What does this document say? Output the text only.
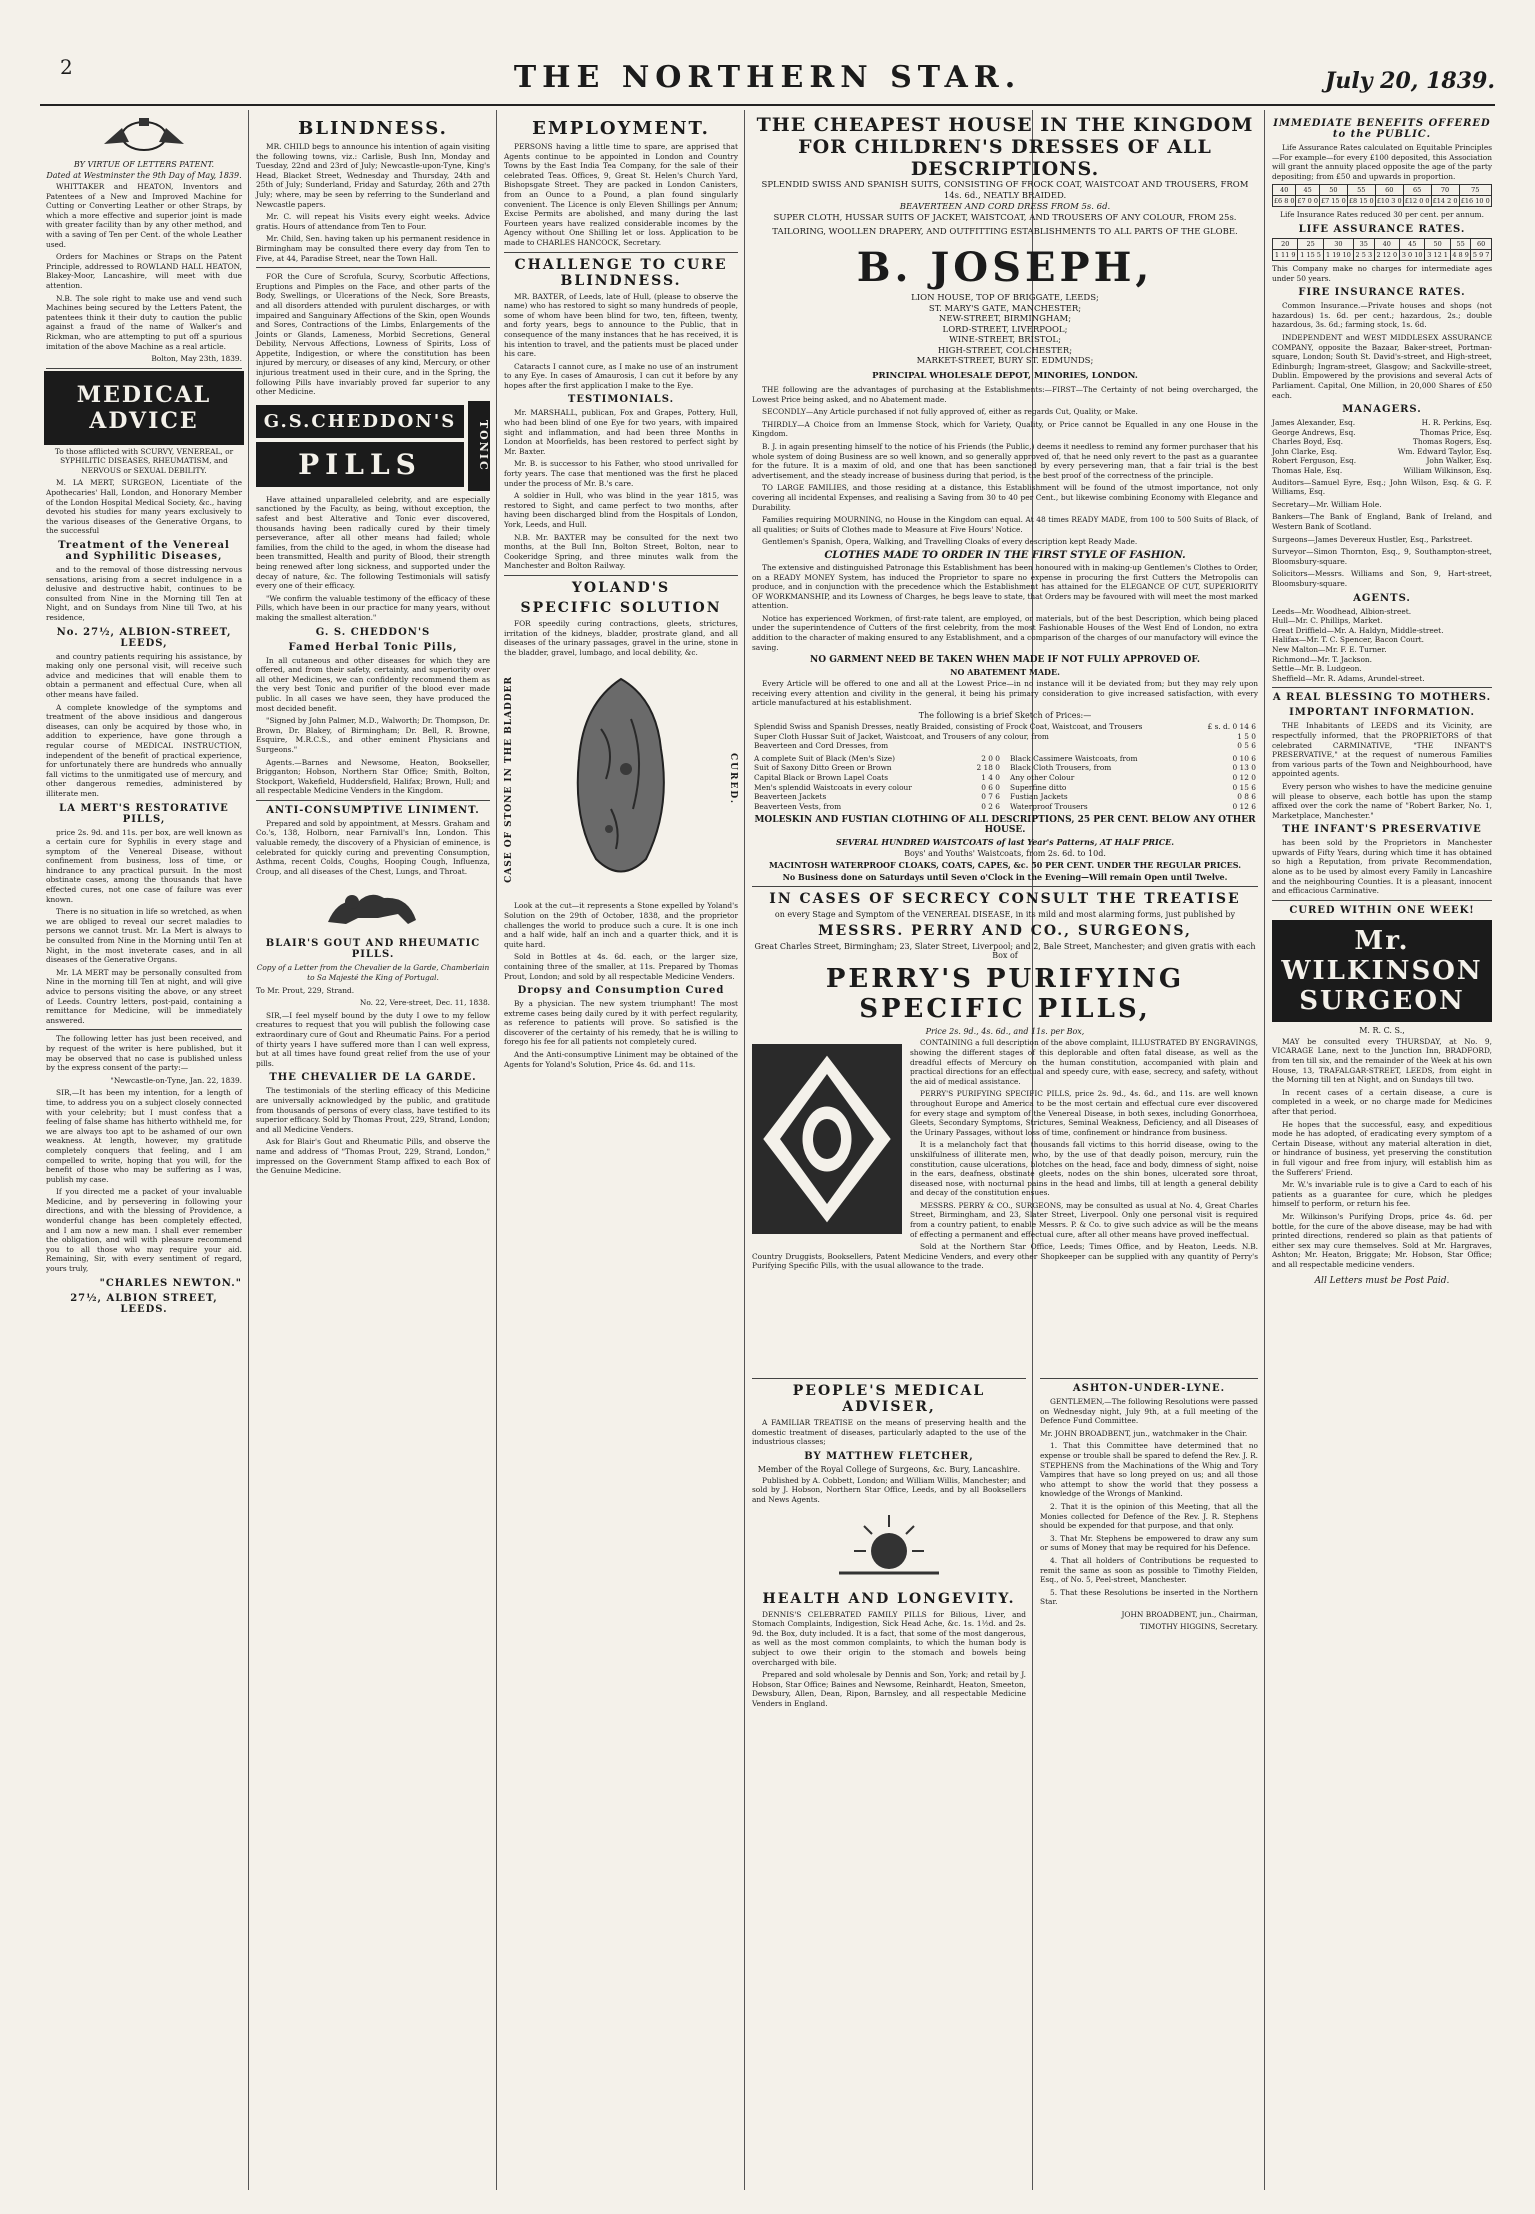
2	THE NORTHERN STAR.	July 20, 1839.
BY VIRTUE OF LETTERS PATENT.
Dated at Westminster the 9th Day of May, 1839.

WHITTAKER and HEATON, Inventors and Patentees of a New and Improved Machine for Cutting or Converting Leather or other Straps, by which a more effective and superior joint is made with greater facility than by any other method, and with a saving of Ten per Cent. of the whole Leather used.

Orders for Machines or Straps on the Patent Principle, addressed to ROWLAND HALL HEATON, Blakey-Moor, Lancashire, will meet with due attention.

N.B. The sole right to make use and vend such Machines being secured by the Letters Patent, the patentees think it their duty to caution the public against a fraud of the name of Walker's and Rickman, who are attempting to put off a spurious imitation of the above Machine as a real article.

Bolton, May 23th, 1839.

MEDICAL ADVICE

To those afflicted with SCURVY, VENEREAL, or SYPHILITIC DISEASES, RHEUMATISM, and NERVOUS or SEXUAL DEBILITY.

M. LA MERT, SURGEON, Licentiate of the Apothecaries' Hall, London, and Honorary Member of the London Hospital Medical Society, &c., having devoted his studies for many years exclusively to the various diseases of the Generative Organs, to the successful

Treatment of the Venereal and Syphilitic Diseases,

and to the removal of those distressing nervous sensations, arising from a secret indulgence in a delusive and destructive habit, continues to be consulted from Nine in the Morning till Ten at Night, and on Sundays from Nine till Two, at his residence,

No. 27½, ALBION-STREET, LEEDS,

and country patients requiring his assistance, by making only one personal visit, will receive such advice and medicines that will enable them to obtain a permanent and effectual Cure, when all other means have failed.

A complete knowledge of the symptoms and treatment of the above insidious and dangerous diseases, can only be acquired by those who, in addition to experience, have gone through a regular course of MEDICAL INSTRUCTION, independent of the benefit of practical experience, for unfortunately there are hundreds who annually fall victims to the unmitigated use of mercury, and other dangerous remedies, administered by illiterate men.

LA MERT'S RESTORATIVE PILLS,

price 2s. 9d. and 11s. per box, are well known as a certain cure for Syphilis in every stage and symptom of the Venereal Disease, without confinement from business, loss of time, or hindrance to any practical pursuit. In the most obstinate cases, among the thousands that have effected cures, not one case of failure was ever known.

There is no situation in life so wretched, as when we are obliged to reveal our secret maladies to persons we cannot trust. Mr. La Mert is always to be consulted from Nine in the Morning until Ten at Night, in the most inveterate cases, and in all diseases of the Generative Organs.

Mr. LA MERT may be personally consulted from Nine in the morning till Ten at night, and will give advice to persons visiting the above, or any street of Leeds. Country letters, post-paid, containing a remittance for Medicine, will be immediately answered.

The following letter has just been received, and by request of the writer is here published, but it may be observed that no case is published unless by the express consent of the party:—

"Newcastle-on-Tyne, Jan. 22, 1839.

SIR,—It has been my intention, for a length of time, to address you on a subject closely connected with your celebrity; but I must confess that a feeling of false shame has hitherto withheld me, for we are always too apt to be ashamed of our own weakness. At length, however, my gratitude completely conquers that feeling, and I am compelled to write, hoping that you will, for the benefit of those who may be suffering as I was, publish my case.

If you directed me a packet of your invaluable Medicine, and by persevering in following your directions, and with the blessing of Providence, a wonderful change has been completely effected, and I am now a new man. I shall ever remember the obligation, and will with pleasure recommend you to all those who may require your aid. Remaining, Sir, with every sentiment of regard, yours truly,

"CHARLES NEWTON."
27½, ALBION STREET, LEEDS.
BLINDNESS.

MR. CHILD begs to announce his intention of again visiting the following towns, viz.: Carlisle, Bush Inn, Monday and Tuesday, 22nd and 23rd of July; Newcastle-upon-Tyne, King's Head, Blacket Street, Wednesday and Thursday, 24th and 25th of July; Sunderland, Friday and Saturday, 26th and 27th July; where, may be seen by referring to the Sunderland and Newcastle papers.

Mr. C. will repeat his Visits every eight weeks. Advice gratis. Hours of attendance from Ten to Four.

Mr. Child, Sen. having taken up his permanent residence in Birmingham may be consulted there every day from Ten to Five, at 44, Paradise Street, near the Town Hall.

FOR the Cure of Scrofula, Scurvy, Scorbutic Affections, Eruptions and Pimples on the Face, and other parts of the Body, Swellings, or Ulcerations of the Neck, Sore Breasts, and all disorders attended with purulent discharges, or with impaired and Sanguinary Affections of the Skin, open Wounds and Sores, Contractions of the Limbs, Enlargements of the Joints or Glands, Lameness, Morbid Secretions, General Debility, Nervous Affections, Lowness of Spirits, Loss of Appetite, Indigestion, or where the constitution has been injured by mercury, or diseases of any kind, Mercury, or other injurious treatment used in their cure, and in the Spring, the following Pills have invariably proved far superior to any other Medicine.

G.S.CHEDDON'S
PILLS	TONIC

Have attained unparalleled celebrity, and are especially sanctioned by the Faculty, as being, without exception, the safest and best Alterative and Tonic ever discovered, thousands having been radically cured by their timely perseverance, after all other means had failed; whole families, from the child to the aged, in whom the disease had been transmitted, Health and purity of Blood, their strength being renewed after long sickness, and supported under the decay of nature, &c. The following Testimonials will satisfy every one of their efficacy.

"We confirm the valuable testimony of the efficacy of these Pills, which have been in our practice for many years, without making the smallest alteration."

G. S. CHEDDON'S
Famed Herbal Tonic Pills,

In all cutaneous and other diseases for which they are offered, and from their safety, certainty, and superiority over all other Medicines, we can confidently recommend them as the very best Tonic and purifier of the blood ever made public. In all cases we have seen, they have produced the most decided benefit.

"Signed by John Palmer, M.D., Walworth; Dr. Thompson, Dr. Brown, Dr. Blakey, of Birmingham; Dr. Bell, R. Browne, Esquire, M.R.C.S., and other eminent Physicians and Surgeons."

Agents.—Barnes and Newsome, Heaton, Bookseller, Brigganton; Hobson, Northern Star Office; Smith, Bolton, Stockport, Wakefield, Huddersfield, Halifax; Brown, Hull; and all respectable Medicine Venders in the Kingdom.

ANTI-CONSUMPTIVE LINIMENT.

Prepared and sold by appointment, at Messrs. Graham and Co.'s, 138, Holborn, near Farnivall's Inn, London. This valuable remedy, the discovery of a Physician of eminence, is celebrated for quickly curing and preventing Consumption, Asthma, recent Colds, Coughs, Hooping Cough, Influenza, Croup, and all diseases of the Chest, Lungs, and Throat.

BLAIR'S GOUT AND RHEUMATIC PILLS.

Copy of a Letter from the Chevalier de la Garde, Chamberlain to Sa Majesté the King of Portugal.

To Mr. Prout, 229, Strand.

No. 22, Vere-street, Dec. 11, 1838.

SIR,—I feel myself bound by the duty I owe to my fellow creatures to request that you will publish the following case extraordinary cure of Gout and Rheumatic Pains. For a period of thirty years I have suffered more than I can well express, but at all times have found great relief from the use of your pills.

THE CHEVALIER DE LA GARDE.

The testimonials of the sterling efficacy of this Medicine are universally acknowledged by the public, and gratitude from thousands of persons of every class, have testified to its superior efficacy. Sold by Thomas Prout, 229, Strand, London; and all Medicine Venders.

Ask for Blair's Gout and Rheumatic Pills, and observe the name and address of "Thomas Prout, 229, Strand, London," impressed on the Government Stamp affixed to each Box of the Genuine Medicine.

EMPLOYMENT.

PERSONS having a little time to spare, are apprised that Agents continue to be appointed in London and Country Towns by the East India Tea Company, for the sale of their celebrated Teas. Offices, 9, Great St. Helen's Church Yard, Bishopsgate Street. They are packed in London Canisters, from an Ounce to a Pound, a plan found singularly convenient. The Licence is only Eleven Shillings per Annum; Excise Permits are abolished, and many during the last Fourteen years have realized considerable incomes by the Agency without One Shilling let or loss. Application to be made to CHARLES HANCOCK, Secretary.

CHALLENGE TO CURE BLINDNESS.

MR. BAXTER, of Leeds, late of Hull, (please to observe the name) who has restored to sight so many hundreds of people, some of whom have been blind for two, ten, fifteen, twenty, and forty years, begs to announce to the Public, that in consequence of the many instances that he has received, it is his intention to travel, and the patients must be placed under his care.

Cataracts I cannot cure, as I make no use of an instrument to any Eye. In cases of Amaurosis, I can cut it before by any hopes after the first application I make to the Eye.

TESTIMONIALS.

Mr. MARSHALL, publican, Fox and Grapes, Pottery, Hull, who had been blind of one Eye for two years, with impaired sight and inflammation, and had been three Months in London at Moorfields, has been restored to perfect sight by Mr. Baxter.

Mr. B. is successor to his Father, who stood unrivalled for forty years. The case that mentioned was the first he placed under the process of Mr. B.'s care.

A soldier in Hull, who was blind in the year 1815, was restored to Sight, and came perfect to two months, after having been discharged blind from the Hospitals of London, York, Leeds, and Hull.

N.B. Mr. BAXTER may be consulted for the next two months, at the Bull Inn, Bolton Street, Bolton, near to Cookeridge Spring, and three minutes walk from the Manchester and Bolton Railway.

YOLAND'S
SPECIFIC SOLUTION

FOR speedily curing contractions, gleets, strictures, irritation of the kidneys, bladder, prostrate gland, and all diseases of the urinary passages, gravel in the urine, stone in the bladder, gravel, lumbago, and local debility, &c.

CASE OF STONE IN THE BLADDER	CURED.

Look at the cut—it represents a Stone expelled by Yoland's Solution on the 29th of October, 1838, and the proprietor challenges the world to produce such a cure. It is one inch and a half wide, half an inch and a quarter thick, and it is quite hard.

Sold in Bottles at 4s. 6d. each, or the larger size, containing three of the smaller, at 11s. Prepared by Thomas Prout, London; and sold by all respectable Medicine Venders.

Dropsy and Consumption Cured

By a physician. The new system triumphant! The most extreme cases being daily cured by it with perfect regularity, as reference to patients will prove. So satisfied is the discoverer of the certainty of his remedy, that he is willing to forego his fee for all patients not completely cured.

And the Anti-consumptive Liniment may be obtained of the Agents for Yoland's Solution, Price 4s. 6d. and 11s.

THE CHEAPEST HOUSE IN THE KINGDOM FOR CHILDREN'S DRESSES OF ALL DESCRIPTIONS.
SPLENDID SWISS AND SPANISH SUITS, CONSISTING OF FROCK COAT, WAISTCOAT AND TROUSERS, FROM 14s. 6d., NEATLY BRAIDED.
BEAVERTEEN AND CORD DRESS FROM 5s. 6d.
SUPER CLOTH, HUSSAR SUITS OF JACKET, WAISTCOAT, AND TROUSERS OF ANY COLOUR, FROM 25s.
TAILORING, WOOLLEN DRAPERY, AND OUTFITTING ESTABLISHMENTS TO ALL PARTS OF THE GLOBE.
B. JOSEPH,
LION HOUSE, TOP OF BRIGGATE, LEEDS;
ST. MARY'S GATE, MANCHESTER;
NEW-STREET, BIRMINGHAM;
LORD-STREET, LIVERPOOL;
WINE-STREET, BRISTOL;
HIGH-STREET, COLCHESTER;
MARKET-STREET, BURY ST. EDMUNDS;
PRINCIPAL WHOLESALE DEPOT, MINORIES, LONDON.

THE following are the advantages of purchasing at the Establishments:—FIRST—The Certainty of not being overcharged, the Lowest Price being asked, and no Abatement made.

SECONDLY—Any Article purchased if not fully approved of, either as regards Cut, Quality, or Make.

THIRDLY—A Choice from an Immense Stock, which for Variety, Quality, or Price cannot be Equalled in any one House in the Kingdom.

B. J. in again presenting himself to the notice of his Friends (the Public,) deems it needless to remind any former purchaser that his whole system of doing Business are so well known, and so generally approved of, that he need only revert to the past as a guarantee for the future. It is a maxim of old, and one that has been sanctioned by every persevering man, that a fair trial is the best advertisement, and the steady increase of business during that period, is the best proof of the correctness of the principle.

TO LARGE FAMILIES, and those residing at a distance, this Establishment will be found of the utmost importance, not only covering all incidental Expenses, and realising a Saving from 30 to 40 per Cent., but likewise combining Economy with Elegance and Durability.

Families requiring MOURNING, no House in the Kingdom can equal. At 48 times READY MADE, from 100 to 500 Suits of Black, of all qualities; or Suits of Clothes made to Measure at Five Hours' Notice.

Gentlemen's Spanish, Opera, Walking, and Travelling Cloaks of every description kept Ready Made.

CLOTHES MADE TO ORDER IN THE FIRST STYLE OF FASHION.

The extensive and distinguished Patronage this Establishment has been honoured with in making-up Gentlemen's Clothes to Order, on a READY MONEY System, has induced the Proprietor to spare no expense in procuring the first Cutters the Metropolis can produce, and in conjunction with the precedence which the Establishment has attained for the ELEGANCE OF CUT, SUPERIORITY OF WORKMANSHIP, and its Lowness of Charges, he begs leave to state, that Orders may be favoured with will meet the most marked attention.

Notice has experienced Workmen, of first-rate talent, are employed, or materials, but of the best Description, which being placed under the superintendence of Cutters of the first celebrity, from the most Fashionable Houses of the West End of London, no extra addition to the character of making ensured to any Establishment, and a comparison of the charges of our manufactory will evince the saving.

NO GARMENT NEED BE TAKEN WHEN MADE IF NOT FULLY APPROVED OF.
NO ABATEMENT MADE.

Every Article will be offered to one and all at the Lowest Price—in no instance will it be deviated from; but they may rely upon receiving every attention and civility in the general, it being his primary consideration to give increased satisfaction, with every article manufactured at his establishment.

The following is a brief Sketch of Prices:—
Splendid Swiss and Spanish Dresses, neatly Braided, consisting of Frock Coat, Waistcoat, and Trousers	£ s. d. 0 14 6
Super Cloth Hussar Suit of Jacket, Waistcoat, and Trousers of any colour, from	1 5 0
Beaverteen and Cord Dresses, from	0 5 6
A complete Suit of Black (Men's Size)	2 0 0
Suit of Saxony Ditto Green or Brown	2 18 0
Capital Black or Brown Lapel Coats	1 4 0
Men's splendid Waistcoats in every colour	0 6 0
Beaverteen Jackets	0 7 6
Beaverteen Vests, from	0 2 6
Black Cassimere Waistcoats, from	0 10 6
Black Cloth Trousers, from	0 13 0
Any other Colour	0 12 0
Superfine ditto	0 15 6
Fustian Jackets	0 8 6
Waterproof Trousers	0 12 6
MOLESKIN AND FUSTIAN CLOTHING OF ALL DESCRIPTIONS, 25 PER CENT. BELOW ANY OTHER HOUSE.
SEVERAL HUNDRED WAISTCOATS of last Year's Patterns, AT HALF PRICE.
Boys' and Youths' Waistcoats, from 2s. 6d. to 10d.
MACINTOSH WATERPROOF CLOAKS, COATS, CAPES, &c. 50 PER CENT. UNDER THE REGULAR PRICES.
No Business done on Saturdays until Seven o'Clock in the Evening—Will remain Open until Twelve.
IN CASES OF SECRECY CONSULT THE TREATISE
on every Stage and Symptom of the VENEREAL DISEASE, in its mild and most alarming forms, just published by
MESSRS. PERRY AND CO., SURGEONS,
Great Charles Street, Birmingham; 23, Slater Street, Liverpool; and 2, Bale Street, Manchester; and given gratis with each Box of
PERRY'S PURIFYING SPECIFIC PILLS,
Price 2s. 9d., 4s. 6d., and 11s. per Box,

CONTAINING a full description of the above complaint, ILLUSTRATED BY ENGRAVINGS, showing the different stages of this deplorable and often fatal disease, as well as the dreadful effects of Mercury on the human constitution, accompanied with plain and practical directions for an effectual and speedy cure, with ease, secrecy, and safety, without the aid of medical assistance.

PERRY'S PURIFYING SPECIFIC PILLS, price 2s. 9d., 4s. 6d., and 11s. are well known throughout Europe and America to be the most certain and effectual cure ever discovered for every stage and symptom of the Venereal Disease, in both sexes, including Gonorrhoea, Gleets, Secondary Symptoms, Strictures, Seminal Weakness, Deficiency, and all Diseases of the Urinary Passages, without loss of time, confinement or hindrance from business.

It is a melancholy fact that thousands fall victims to this horrid disease, owing to the unskilfulness of illiterate men, who, by the use of that deadly poison, mercury, ruin the constitution, cause ulcerations, blotches on the head, face and body, dimness of sight, noise in the ears, deafness, obstinate gleets, nodes on the shin bones, ulcerated sore throat, diseased nose, with nocturnal pains in the head and limbs, till at length a general debility and decay of the constitution ensues.

MESSRS. PERRY & CO., SURGEONS, may be consulted as usual at No. 4, Great Charles Street, Birmingham, and 23, Slater Street, Liverpool. Only one personal visit is required from a country patient, to enable Messrs. P. & Co. to give such advice as will be the means of effecting a permanent and effectual cure, after all other means have proved ineffectual.

Sold at the Northern Star Office, Leeds; Times Office, and by Heaton, Leeds. N.B. Country Druggists, Booksellers, Patent Medicine Venders, and every other Shopkeeper can be supplied with any quantity of Perry's Purifying Specific Pills, with the usual allowance to the trade.

PEOPLE'S MEDICAL ADVISER,

A FAMILIAR TREATISE on the means of preserving health and the domestic treatment of diseases, particularly adapted to the use of the industrious classes;

BY MATTHEW FLETCHER,
Member of the Royal College of Surgeons, &c. Bury, Lancashire.

Published by A. Cobbett, London; and William Willis, Manchester; and sold by J. Hobson, Northern Star Office, Leeds, and by all Booksellers and News Agents.

HEALTH AND LONGEVITY.

DENNIS'S CELEBRATED FAMILY PILLS for Bilious, Liver, and Stomach Complaints, Indigestion, Sick Head Ache, &c. 1s. 1½d. and 2s. 9d. the Box, duty included. It is a fact, that some of the most dangerous, as well as the most common complaints, to which the human body is subject to owe their origin to the stomach and bowels being overcharged with bile.

Prepared and sold wholesale by Dennis and Son, York; and retail by J. Hobson, Star Office; Baines and Newsome, Reinhardt, Heaton, Smeeton, Dewsbury, Allen, Dean, Ripon, Barnsley, and all respectable Medicine Venders in England.

ASHTON-UNDER-LYNE.

GENTLEMEN,—The following Resolutions were passed on Wednesday night, July 9th, at a full meeting of the Defence Fund Committee.

Mr. JOHN BROADBENT, jun., watchmaker in the Chair.

1. That this Committee have determined that no expense or trouble shall be spared to defend the Rev. J. R. STEPHENS from the Machinations of the Whig and Tory Vampires that have so long preyed on us; and all those who attempt to show the world that they possess a knowledge of the Wrongs of Mankind.

2. That it is the opinion of this Meeting, that all the Monies collected for Defence of the Rev. J. R. Stephens should be expended for that purpose, and that only.

3. That Mr. Stephens be empowered to draw any sum or sums of Money that may be required for his Defence.

4. That all holders of Contributions be requested to remit the same as soon as possible to Timothy Fielden, Esq., of No. 5, Peel-street, Manchester.

5. That these Resolutions be inserted in the Northern Star.

JOHN BROADBENT, jun., Chairman,

TIMOTHY HIGGINS, Secretary.

IMMEDIATE BENEFITS OFFERED to the PUBLIC.

Life Assurance Rates calculated on Equitable Principles—For example—for every £100 deposited, this Association will grant the annuity placed opposite the age of the party depositing; from £50 and upwards in proportion.

40	45	50	55	60	65	70	75
£6 8 0	£7 0 0	£7 15 0	£8 15 0	£10 3 0	£12 0 0	£14 2 0	£16 10 0

Life Insurance Rates reduced 30 per cent. per annum.

LIFE ASSURANCE RATES.
20	25	30	35	40	45	50	55	60
1 11 9	1 15 5	1 19 10	2 5 3	2 12 0	3 0 10	3 12 1	4 8 9	5 9 7

This Company make no charges for intermediate ages under 50 years.

FIRE INSURANCE RATES.

Common Insurance.—Private houses and shops (not hazardous) 1s. 6d. per cent.; hazardous, 2s.; double hazardous, 3s. 6d.; farming stock, 1s. 6d.

INDEPENDENT and WEST MIDDLESEX ASSURANCE COMPANY, opposite the Bazaar, Baker-street, Portman-square, London; South St. David's-street, and High-street, Edinburgh; Ingram-street, Glasgow; and Sackville-street, Dublin. Empowered by the provisions and several Acts of Parliament. Capital, One Million, in 20,000 Shares of £50 each.

MANAGERS.
James Alexander, Esq.	H. R. Perkins, Esq.
George Andrews, Esq.	Thomas Price, Esq.
Charles Boyd, Esq.	Thomas Rogers, Esq.
John Clarke, Esq.	Wm. Edward Taylor, Esq.
Robert Ferguson, Esq.	John Walker, Esq.
Thomas Hale, Esq.	William Wilkinson, Esq.

Auditors—Samuel Eyre, Esq.; John Wilson, Esq. & G. F. Williams, Esq.

Secretary—Mr. William Hole.

Bankers—The Bank of England, Bank of Ireland, and Western Bank of Scotland.

Surgeons—James Devereux Hustler, Esq., Parkstreet.

Surveyor—Simon Thornton, Esq., 9, Southampton-street, Bloomsbury-square.

Solicitors—Messrs. Williams and Son, 9, Hart-street, Bloomsbury-square.

AGENTS.
Leeds—Mr. Woodhead, Albion-street.
Hull—Mr. C. Phillips, Market.
Great Driffield—Mr. A. Haldyn, Middle-street.
Halifax—Mr. T. C. Spencer, Bacon Court.
New Malton—Mr. F. E. Turner.
Richmond—Mr. T. Jackson.
Settle—Mr. B. Ludgeon.
Sheffield—Mr. R. Adams, Arundel-street.
A REAL BLESSING TO MOTHERS.
IMPORTANT INFORMATION.

THE Inhabitants of LEEDS and its Vicinity, are respectfully informed, that the PROPRIETORS of that celebrated CARMINATIVE, "THE INFANT'S PRESERVATIVE," at the request of numerous Families from various parts of the Town and Neighbourhood, have appointed agents.

Every person who wishes to have the medicine genuine will please to observe, each bottle has upon the stamp affixed over the cork the name of "Robert Barker, No. 1, Marketplace, Manchester."

THE INFANT'S PRESERVATIVE

has been sold by the Proprietors in Manchester upwards of Fifty Years, during which time it has obtained so high a Reputation, from private Recommendation, alone as to be used by almost every Family in Lancashire and the neighbouring Counties. It is a pleasant, innocent and efficacious Carminative.

CURED WITHIN ONE WEEK!
Mr. WILKINSON
SURGEON
M. R. C. S.,

MAY be consulted every THURSDAY, at No. 9, VICARAGE Lane, next to the Junction Inn, BRADFORD, from ten till six, and the remainder of the Week at his own House, 13, TRAFALGAR-STREET, LEEDS, from eight in the Morning till ten at Night, and on Sundays till two.

In recent cases of a certain disease, a cure is completed in a week, or no charge made for Medicines after that period.

He hopes that the successful, easy, and expeditious mode he has adopted, of eradicating every symptom of a Certain Disease, without any material alteration in diet, or hindrance of business, yet preserving the constitution in full vigour and free from injury, will establish him as the Sufferers' Friend.

Mr. W.'s invariable rule is to give a Card to each of his patients as a guarantee for cure, which he pledges himself to perform, or return his fee.

Mr. Wilkinson's Purifying Drops, price 4s. 6d. per bottle, for the cure of the above disease, may be had with printed directions, rendered so plain as that patients of either sex may cure themselves. Sold at Mr. Hargraves, Ashton; Mr. Heaton, Briggate; Mr. Hobson, Star Office; and all respectable medicine venders.

All Letters must be Post Paid.
